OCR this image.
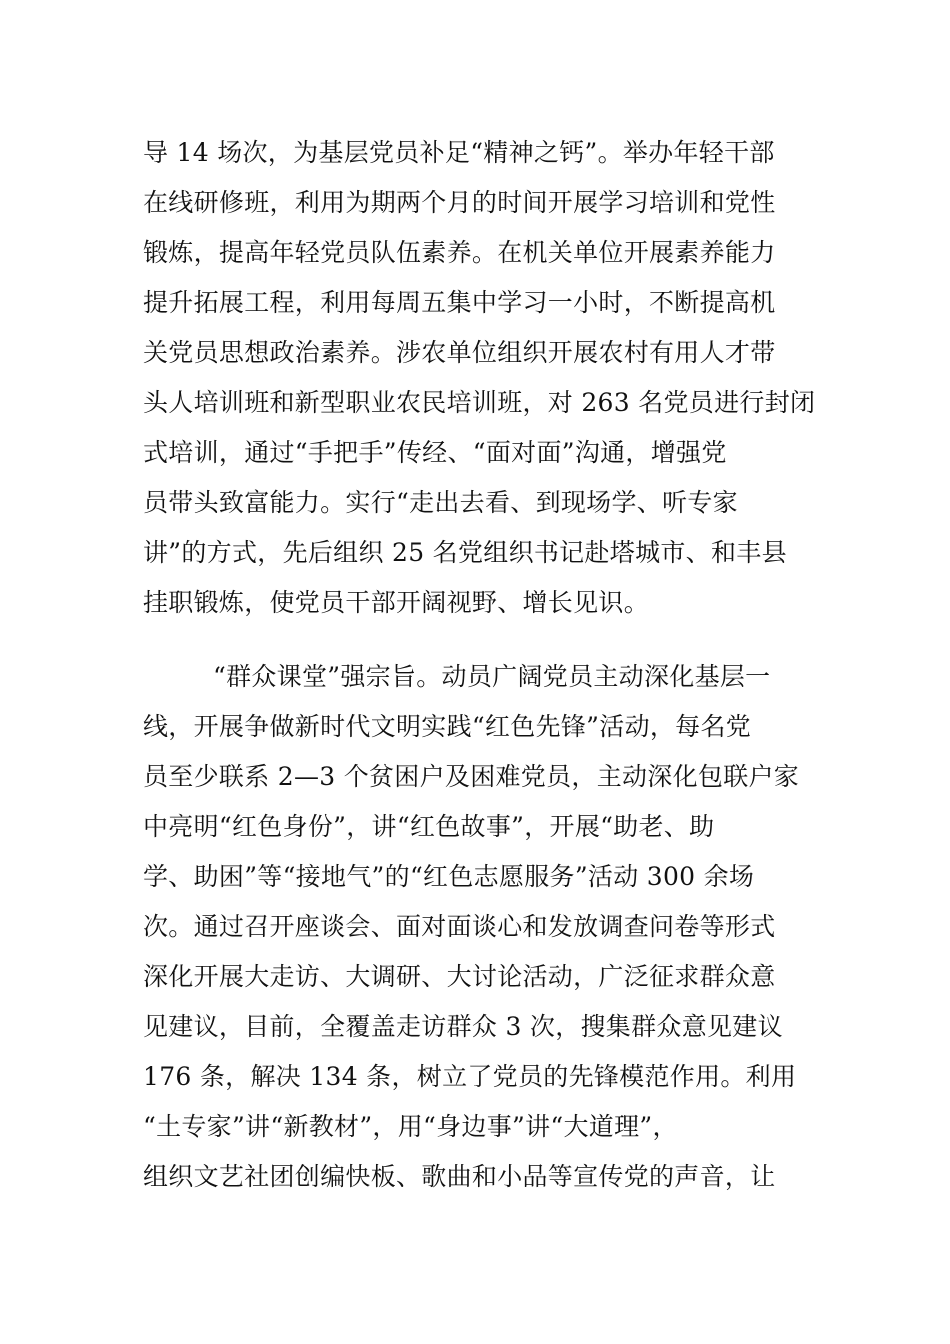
导 14 场次，为基层党员补足“精神之钙”。举办年轻干部
在线研修班，利用为期两个月的时间开展学习培训和党性
锻炼，提高年轻党员队伍素养。在机关单位开展素养能力
提升拓展工程，利用每周五集中学习一小时，不断提高机
关党员思想政治素养。涉农单位组织开展农村有用人才带
头人培训班和新型职业农民培训班，对 263 名党员进行封闭
式培训，通过“手把手”传经、“面对面”沟通，增强党
员带头致富能力。实行“走出去看、到现场学、听专家
讲”的方式，先后组织 25 名党组织书记赴塔城市、和丰县
挂职锻炼，使党员干部开阔视野、增长见识。
“群众课堂”强宗旨。动员广阔党员主动深化基层一
线，开展争做新时代文明实践“红色先锋”活动，每名党
员至少联系 2—3 个贫困户及困难党员，主动深化包联户家
中亮明“红色身份”，讲“红色故事”，开展“助老、助
学、助困”等“接地气”的“红色志愿服务”活动 300 余场
次。通过召开座谈会、面对面谈心和发放调查问卷等形式
深化开展大走访、大调研、大讨论活动，广泛征求群众意
见建议，目前，全覆盖走访群众 3 次，搜集群众意见建议
176 条，解决 134 条，树立了党员的先锋模范作用。利用
“土专家”讲“新教材”，用“身边事”讲“大道理”，
组织文艺社团创编快板、歌曲和小品等宣传党的声音，让
